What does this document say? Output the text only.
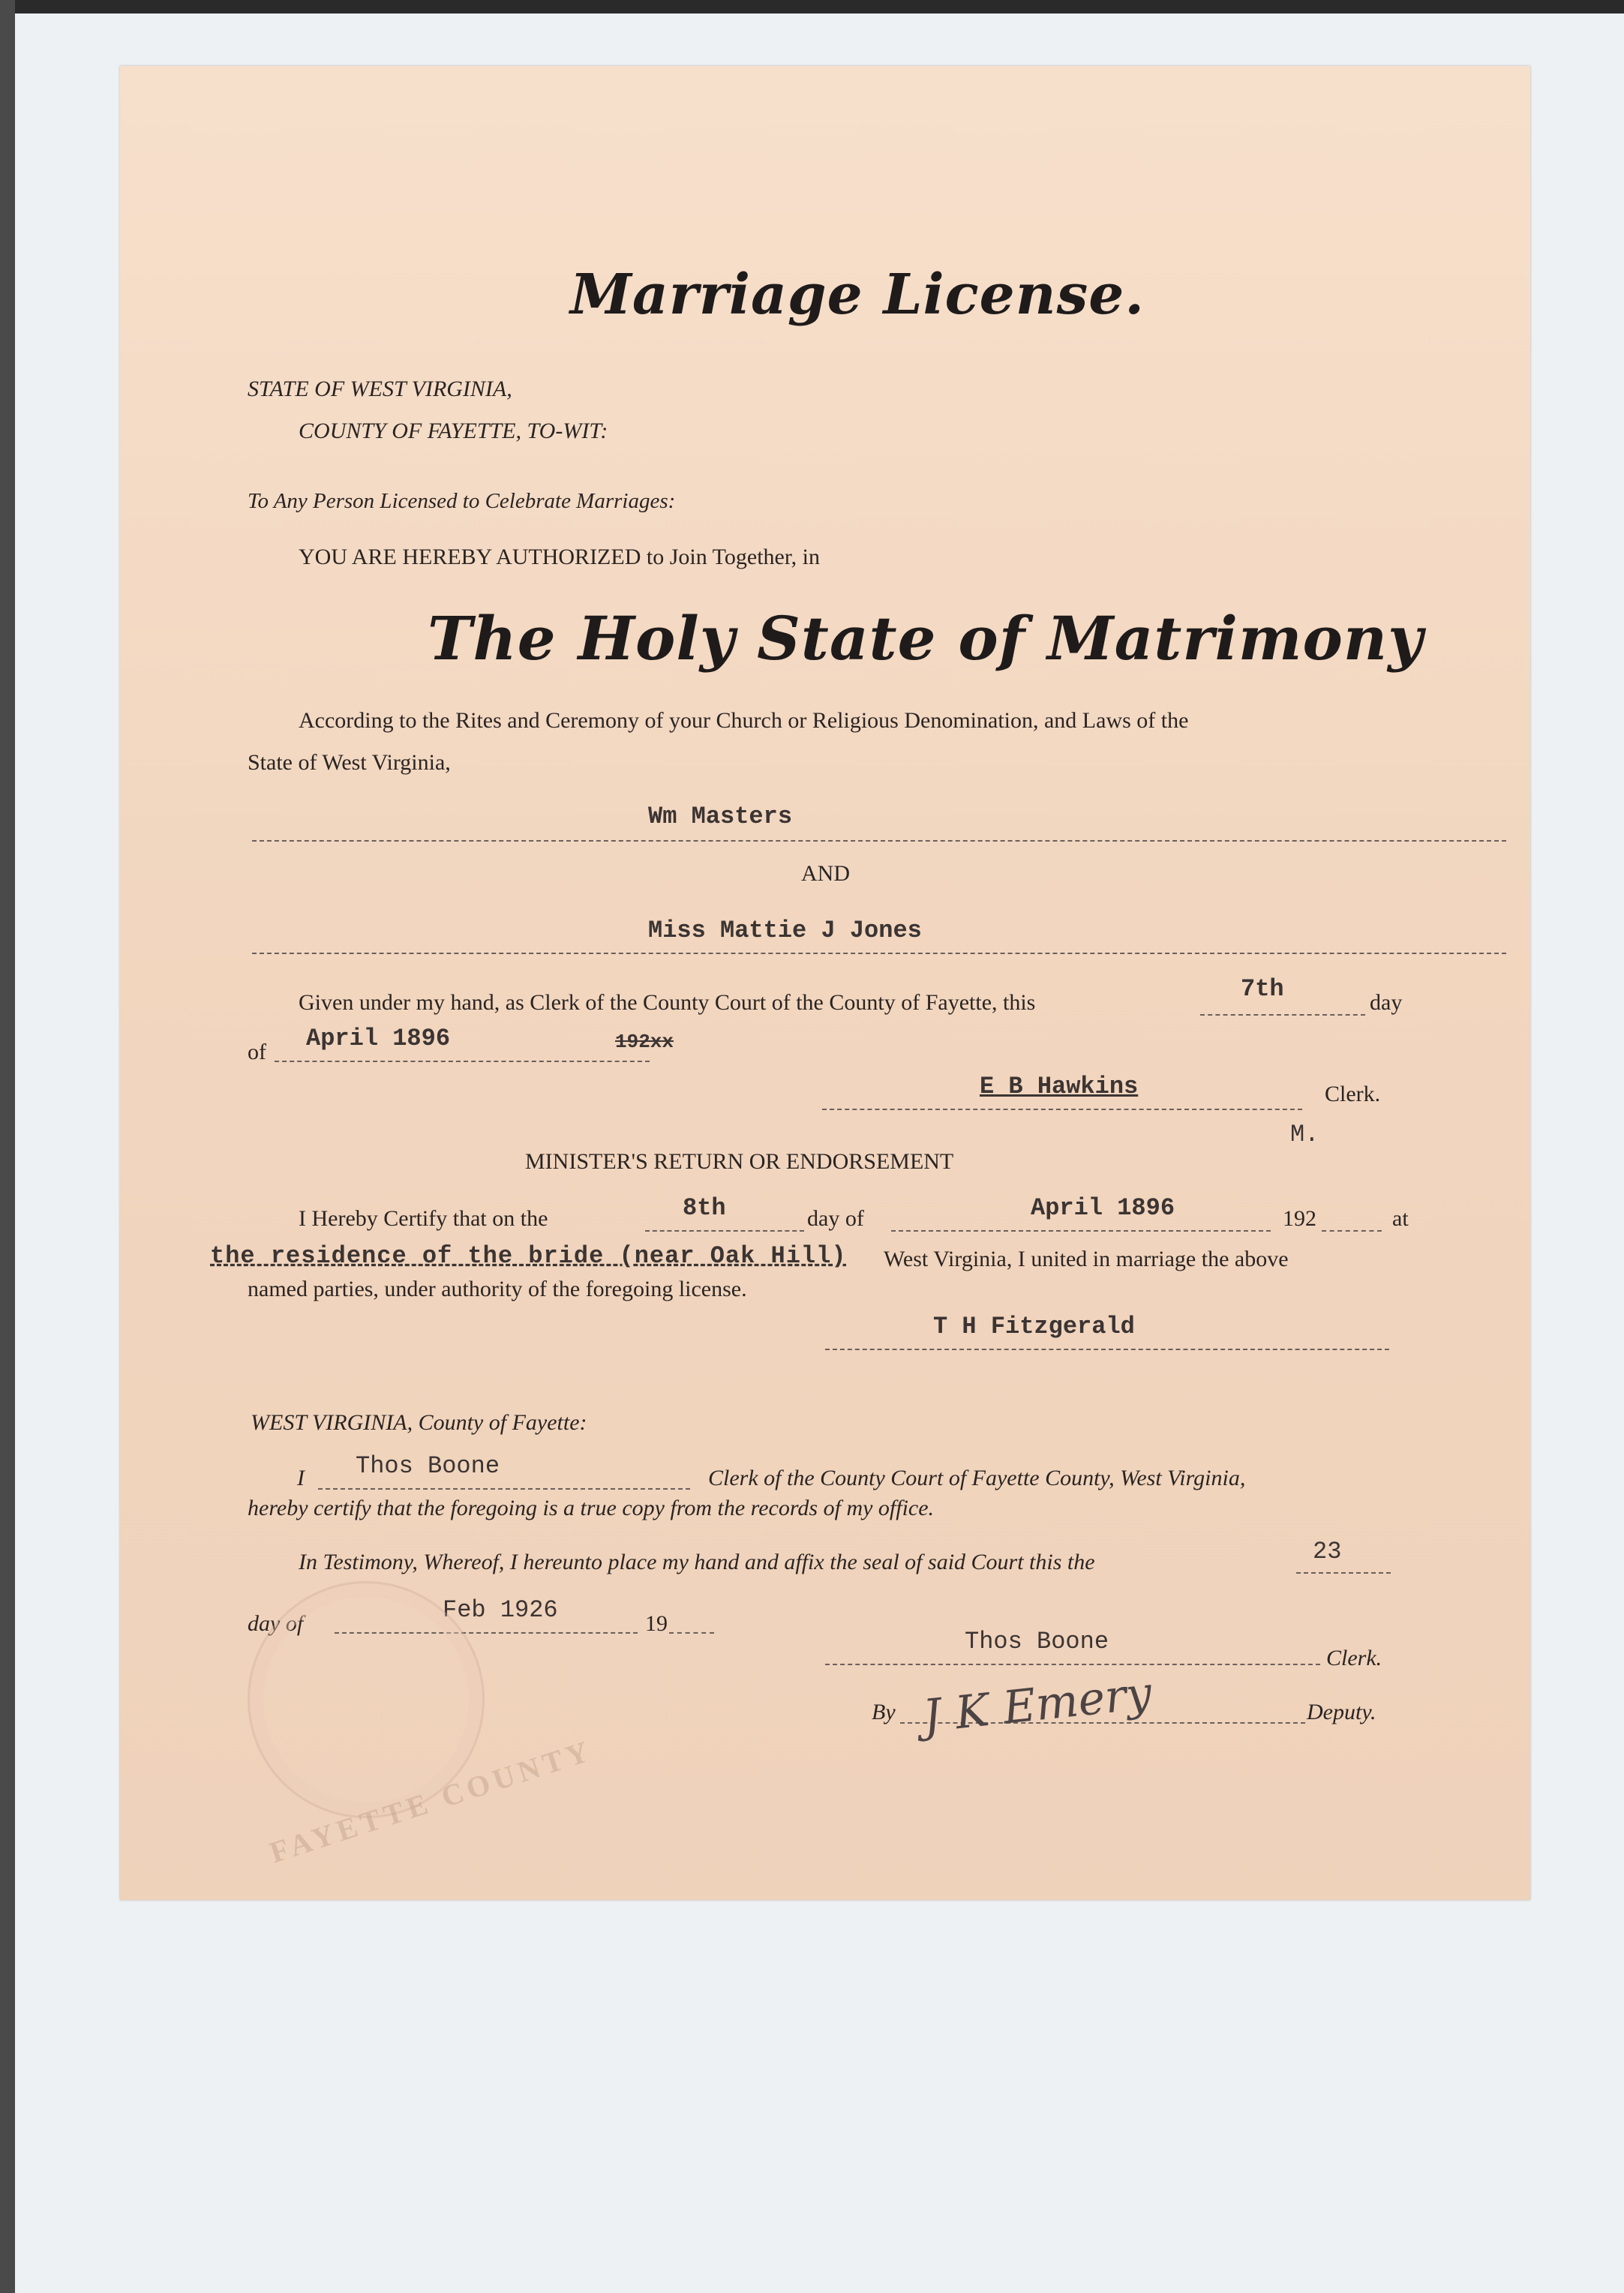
Marriage License.
STATE OF WEST VIRGINIA,
COUNTY OF FAYETTE, TO-WIT:
To Any Person Licensed to Celebrate Marriages:
YOU ARE HEREBY AUTHORIZED to Join Together, in
The Holy State of Matrimony
According to the Rites and Ceremony of your Church or Religious Denomination, and Laws of the
State of West Virginia,
Wm Masters
AND
Miss Mattie J Jones
Given under my hand, as Clerk of the County Court of the County of Fayette, this	7th	day
of April 1896	192xx
E B Hawkins	Clerk.
M.
MINISTER'S RETURN OR ENDORSEMENT
I Hereby Certify that on the	8th	day of	April 1896	192	at
the residence of the bride (near Oak Hill) West Virginia, I united in marriage the above
named parties, under authority of the foregoing license.
T H Fitzgerald
WEST VIRGINIA, County of Fayette:
I Thos Boone	Clerk of the County Court of Fayette County, West Virginia,
hereby certify that the foregoing is a true copy from the records of my office.
In Testimony, Whereof, I hereunto place my hand and affix the seal of said Court this the	23
day of	Feb 1926	19
FAYETTE COUNTY
Thos Boone
Clerk.
By J K Emery	Deputy.
